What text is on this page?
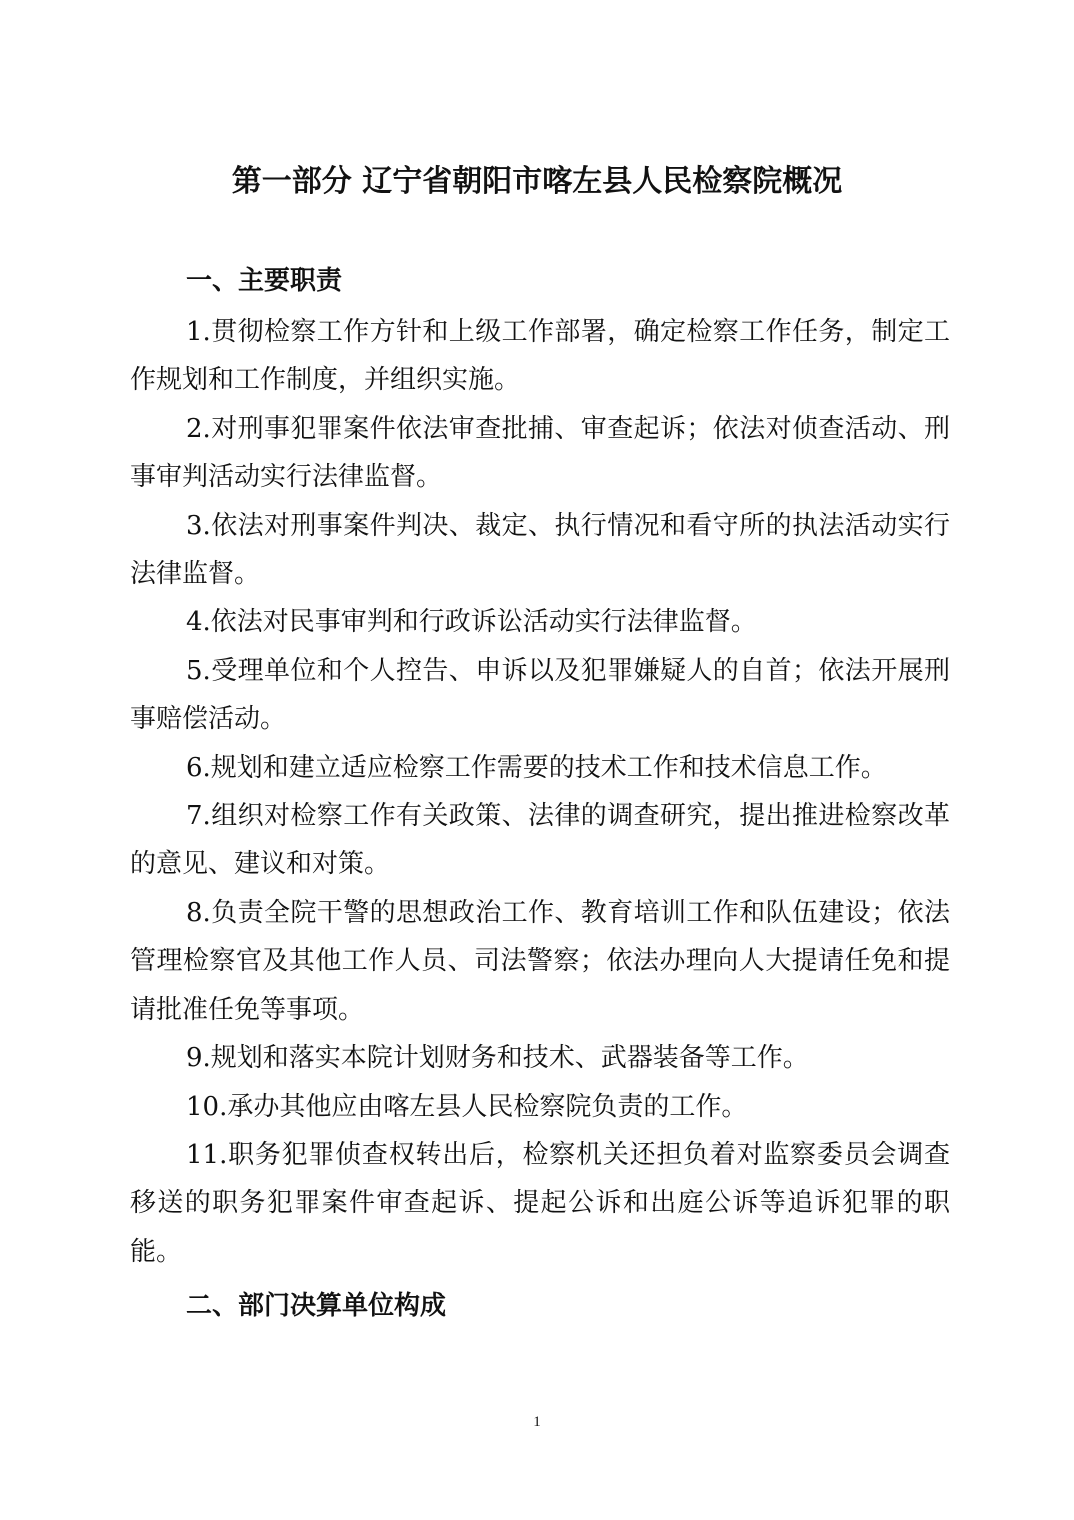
第一部分 辽宁省朝阳市喀左县人民检察院概况
一、主要职责

1.贯彻检察工作方针和上级工作部署，确定检察工作任务，制定工作规划和工作制度，并组织实施。

2.对刑事犯罪案件依法审查批捕、审查起诉；依法对侦查活动、刑事审判活动实行法律监督。

3.依法对刑事案件判决、裁定、执行情况和看守所的执法活动实行法律监督。

4.依法对民事审判和行政诉讼活动实行法律监督。

5.受理单位和个人控告、申诉以及犯罪嫌疑人的自首；依法开展刑事赔偿活动。

6.规划和建立适应检察工作需要的技术工作和技术信息工作。

7.组织对检察工作有关政策、法律的调查研究，提出推进检察改革的意见、建议和对策。

8.负责全院干警的思想政治工作、教育培训工作和队伍建设；依法管理检察官及其他工作人员、司法警察；依法办理向人大提请任免和提请批准任免等事项。

9.规划和落实本院计划财务和技术、武器装备等工作。

10.承办其他应由喀左县人民检察院负责的工作。

11.职务犯罪侦查权转出后，检察机关还担负着对监察委员会调查移送的职务犯罪案件审查起诉、提起公诉和出庭公诉等追诉犯罪的职能。

二、部门决算单位构成
1
